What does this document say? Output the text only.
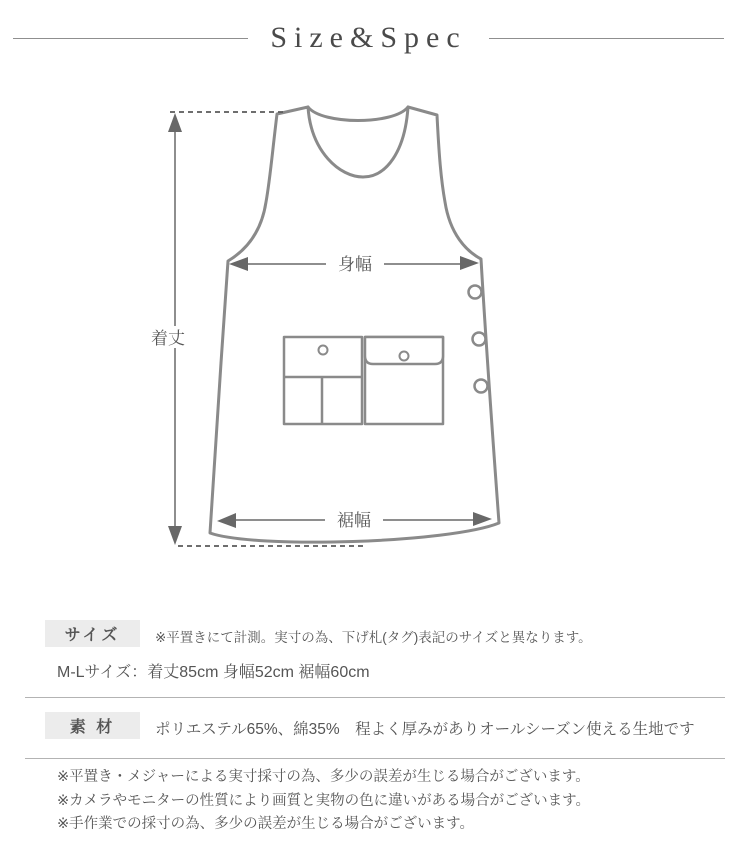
Size&Spec
着丈
身幅
裾幅
サイズ	※平置きにて計測。実寸の為、下げ札(タグ)表記のサイズと異なります。
M-Lサイズ：着丈85cm 身幅52cm 裾幅60cm
素 材	ポリエステル65%、綿35%　程よく厚みがありオールシーズン使える生地です
※平置き・メジャーによる実寸採寸の為、多少の誤差が生じる場合がございます。
※カメラやモニターの性質により画質と実物の色に違いがある場合がございます。
※手作業での採寸の為、多少の誤差が生じる場合がございます。
